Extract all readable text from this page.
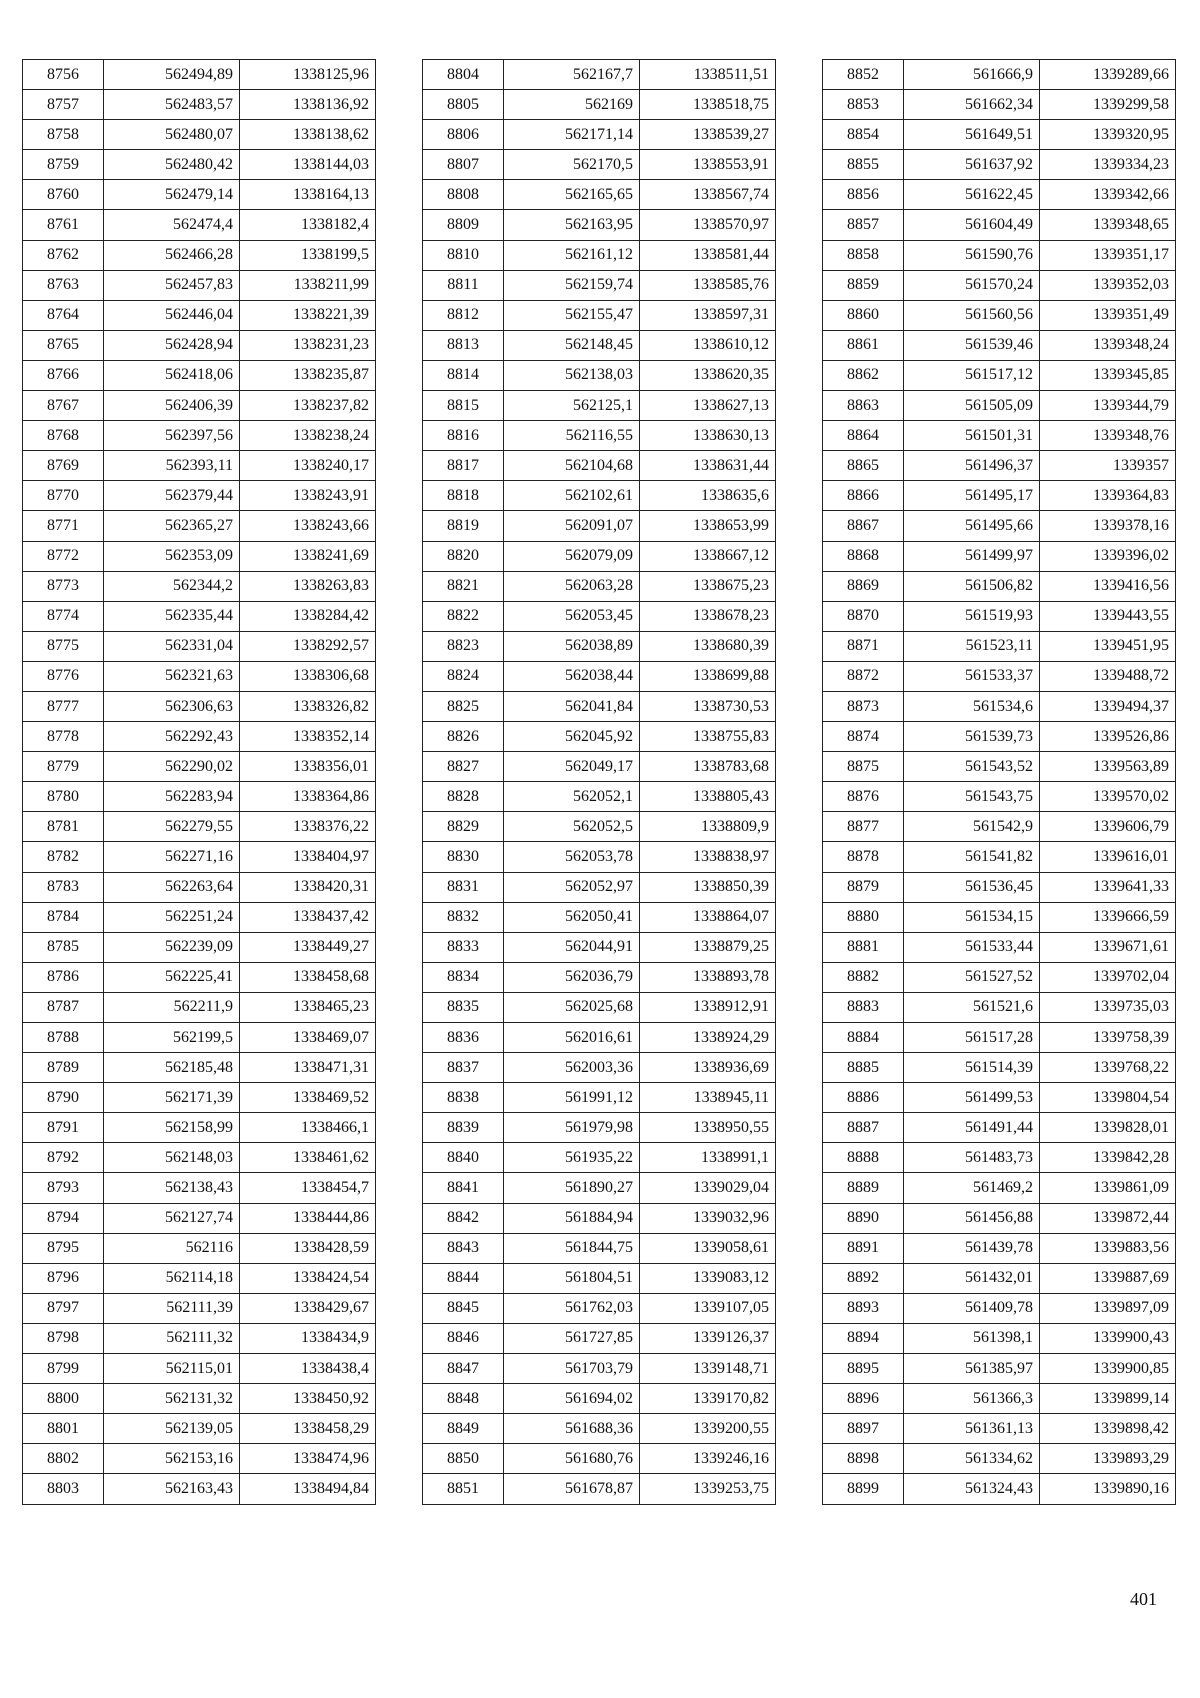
8756	562494,89	1338125,96
8757	562483,57	1338136,92
8758	562480,07	1338138,62
8759	562480,42	1338144,03
8760	562479,14	1338164,13
8761	562474,4	1338182,4
8762	562466,28	1338199,5
8763	562457,83	1338211,99
8764	562446,04	1338221,39
8765	562428,94	1338231,23
8766	562418,06	1338235,87
8767	562406,39	1338237,82
8768	562397,56	1338238,24
8769	562393,11	1338240,17
8770	562379,44	1338243,91
8771	562365,27	1338243,66
8772	562353,09	1338241,69
8773	562344,2	1338263,83
8774	562335,44	1338284,42
8775	562331,04	1338292,57
8776	562321,63	1338306,68
8777	562306,63	1338326,82
8778	562292,43	1338352,14
8779	562290,02	1338356,01
8780	562283,94	1338364,86
8781	562279,55	1338376,22
8782	562271,16	1338404,97
8783	562263,64	1338420,31
8784	562251,24	1338437,42
8785	562239,09	1338449,27
8786	562225,41	1338458,68
8787	562211,9	1338465,23
8788	562199,5	1338469,07
8789	562185,48	1338471,31
8790	562171,39	1338469,52
8791	562158,99	1338466,1
8792	562148,03	1338461,62
8793	562138,43	1338454,7
8794	562127,74	1338444,86
8795	562116	1338428,59
8796	562114,18	1338424,54
8797	562111,39	1338429,67
8798	562111,32	1338434,9
8799	562115,01	1338438,4
8800	562131,32	1338450,92
8801	562139,05	1338458,29
8802	562153,16	1338474,96
8803	562163,43	1338494,84
8804	562167,7	1338511,51
8805	562169	1338518,75
8806	562171,14	1338539,27
8807	562170,5	1338553,91
8808	562165,65	1338567,74
8809	562163,95	1338570,97
8810	562161,12	1338581,44
8811	562159,74	1338585,76
8812	562155,47	1338597,31
8813	562148,45	1338610,12
8814	562138,03	1338620,35
8815	562125,1	1338627,13
8816	562116,55	1338630,13
8817	562104,68	1338631,44
8818	562102,61	1338635,6
8819	562091,07	1338653,99
8820	562079,09	1338667,12
8821	562063,28	1338675,23
8822	562053,45	1338678,23
8823	562038,89	1338680,39
8824	562038,44	1338699,88
8825	562041,84	1338730,53
8826	562045,92	1338755,83
8827	562049,17	1338783,68
8828	562052,1	1338805,43
8829	562052,5	1338809,9
8830	562053,78	1338838,97
8831	562052,97	1338850,39
8832	562050,41	1338864,07
8833	562044,91	1338879,25
8834	562036,79	1338893,78
8835	562025,68	1338912,91
8836	562016,61	1338924,29
8837	562003,36	1338936,69
8838	561991,12	1338945,11
8839	561979,98	1338950,55
8840	561935,22	1338991,1
8841	561890,27	1339029,04
8842	561884,94	1339032,96
8843	561844,75	1339058,61
8844	561804,51	1339083,12
8845	561762,03	1339107,05
8846	561727,85	1339126,37
8847	561703,79	1339148,71
8848	561694,02	1339170,82
8849	561688,36	1339200,55
8850	561680,76	1339246,16
8851	561678,87	1339253,75
8852	561666,9	1339289,66
8853	561662,34	1339299,58
8854	561649,51	1339320,95
8855	561637,92	1339334,23
8856	561622,45	1339342,66
8857	561604,49	1339348,65
8858	561590,76	1339351,17
8859	561570,24	1339352,03
8860	561560,56	1339351,49
8861	561539,46	1339348,24
8862	561517,12	1339345,85
8863	561505,09	1339344,79
8864	561501,31	1339348,76
8865	561496,37	1339357
8866	561495,17	1339364,83
8867	561495,66	1339378,16
8868	561499,97	1339396,02
8869	561506,82	1339416,56
8870	561519,93	1339443,55
8871	561523,11	1339451,95
8872	561533,37	1339488,72
8873	561534,6	1339494,37
8874	561539,73	1339526,86
8875	561543,52	1339563,89
8876	561543,75	1339570,02
8877	561542,9	1339606,79
8878	561541,82	1339616,01
8879	561536,45	1339641,33
8880	561534,15	1339666,59
8881	561533,44	1339671,61
8882	561527,52	1339702,04
8883	561521,6	1339735,03
8884	561517,28	1339758,39
8885	561514,39	1339768,22
8886	561499,53	1339804,54
8887	561491,44	1339828,01
8888	561483,73	1339842,28
8889	561469,2	1339861,09
8890	561456,88	1339872,44
8891	561439,78	1339883,56
8892	561432,01	1339887,69
8893	561409,78	1339897,09
8894	561398,1	1339900,43
8895	561385,97	1339900,85
8896	561366,3	1339899,14
8897	561361,13	1339898,42
8898	561334,62	1339893,29
8899	561324,43	1339890,16
401
